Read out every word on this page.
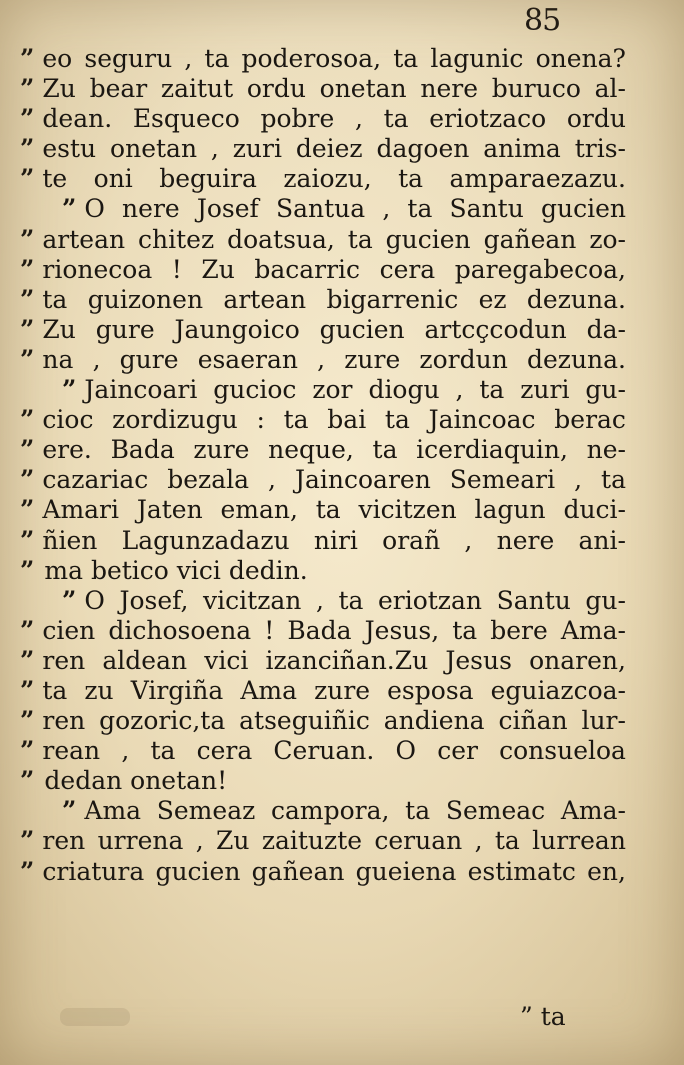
85
” eo seguru , ta poderosoa, ta lagunic onena?
” Zu bear zaitut ordu onetan nere buruco al-
” dean. Esqueco pobre , ta eriotzaco ordu
” estu onetan , zuri deiez dagoen anima tris-
” te oni beguira zaiozu, ta amparaezazu.
” O nere Josef Santua , ta Santu gucien
” artean chitez doatsua, ta gucien gañean zo-
” rionecoa ! Zu bacarric cera paregabecoa,
” ta guizonen artean bigarrenic ez dezuna.
” Zu gure Jaungoico gucien artcçcodun da-
” na , gure esaeran , zure zordun dezuna.
” Jaincoari gucioc zor diogu , ta zuri gu-
” cioc zordizugu : ta bai ta Jaincoac berac
” ere. Bada zure neque, ta icerdiaquin, ne-
” cazariac bezala , Jaincoaren Semeari , ta
” Amari Jaten eman, ta vicitzen lagun duci-
” ñien Lagunzadazu niri orañ , nere ani-
” ma betico vici dedin.
” O Josef, vicitzan , ta eriotzan Santu gu-
” cien dichosoena ! Bada Jesus, ta bere Ama-
” ren aldean vici izanciñan.Zu Jesus onaren,
” ta zu Virgiña Ama zure esposa eguiazcoa-
” ren gozoric,ta atseguiñic andiena ciñan lur-
” rean , ta cera Ceruan. O cer consueloa
” dedan onetan!
” Ama Semeaz campora, ta Semeac Ama-
” ren urrena , Zu zaituzte ceruan , ta lurrean
” criatura gucien gañean gueiena estimatc en,
” ta
